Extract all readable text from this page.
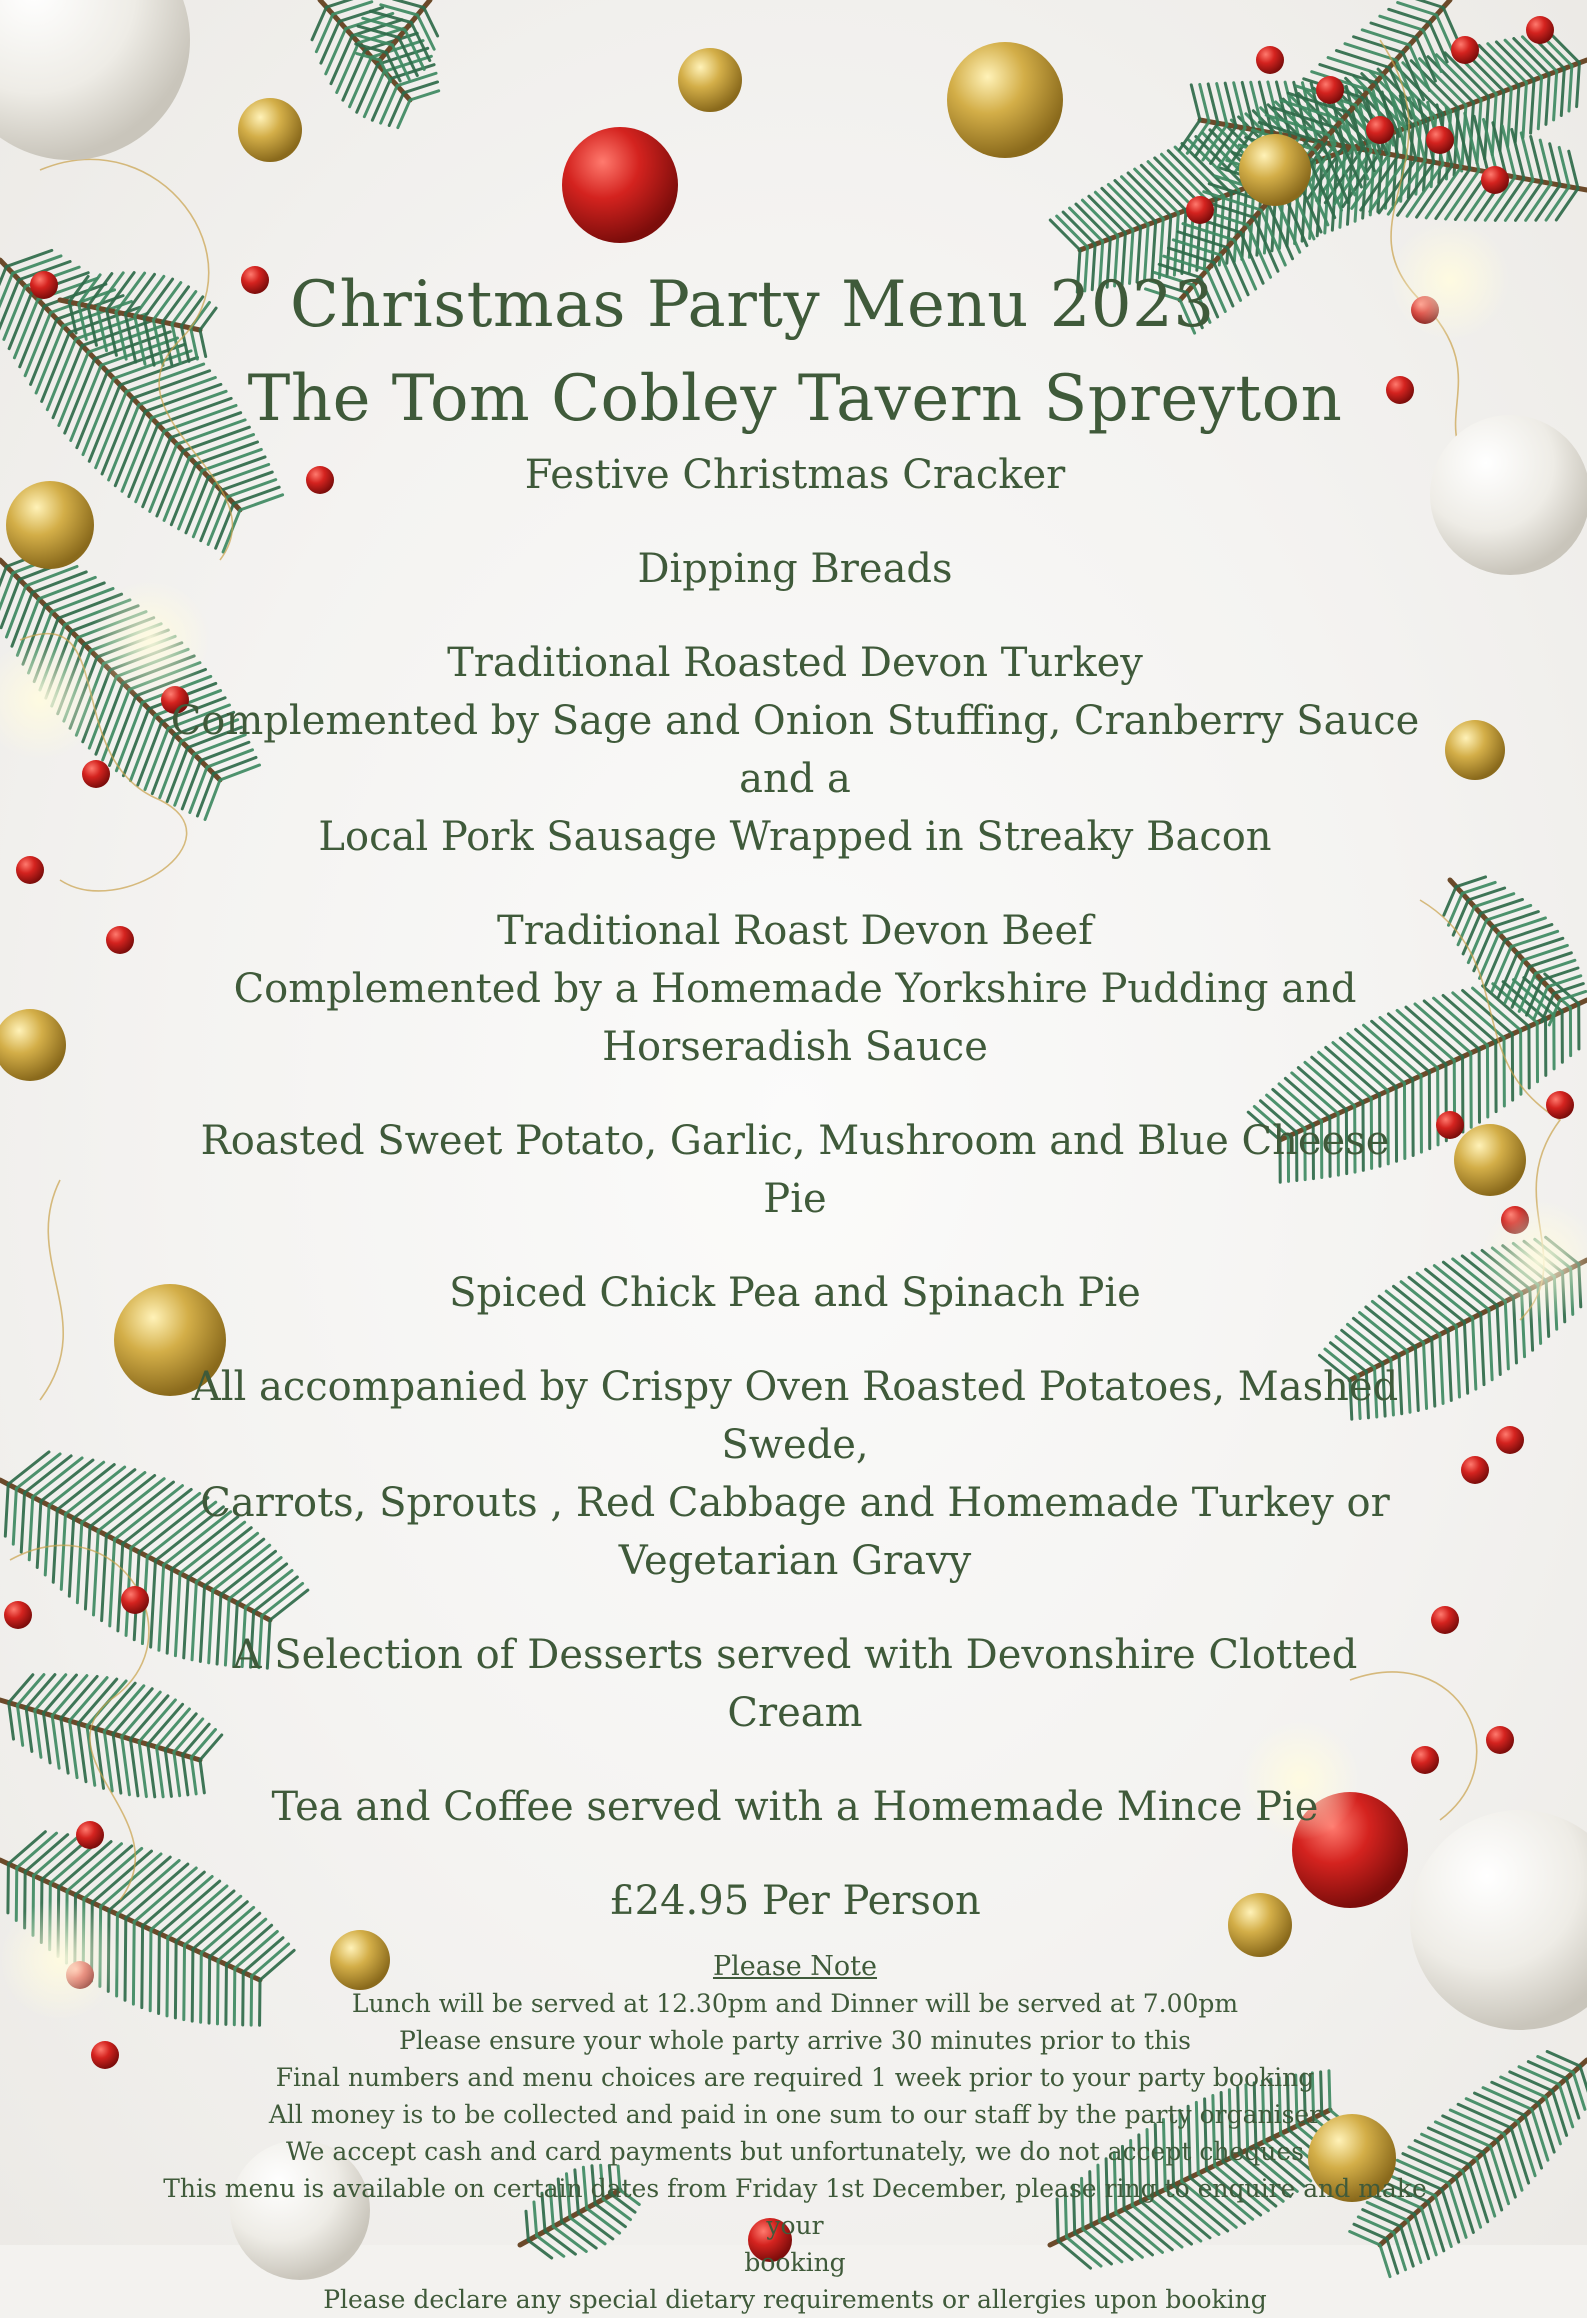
Christmas Party Menu 2023
The Tom Cobley Tavern Spreyton

Festive Christmas Cracker

Dipping Breads

Traditional Roasted Devon Turkey

Complemented by Sage and Onion Stuffing, Cranberry Sauce and a

Local Pork Sausage Wrapped in Streaky Bacon

Traditional Roast Devon Beef

Complemented by a Homemade Yorkshire Pudding and

Horseradish Sauce

Roasted Sweet Potato, Garlic, Mushroom and Blue Cheese

Pie

Spiced Chick Pea and Spinach Pie

All accompanied by Crispy Oven Roasted Potatoes, Mashed Swede,

Carrots, Sprouts , Red Cabbage and Homemade Turkey or

Vegetarian Gravy

A Selection of Desserts served with Devonshire Clotted Cream

Tea and Coffee served with a Homemade Mince Pie

£24.95 Per Person

Please Note

Lunch will be served at 12.30pm and Dinner will be served at 7.00pm

Please ensure your whole party arrive 30 minutes prior to this

Final numbers and menu choices are required 1 week prior to your party booking

All money is to be collected and paid in one sum to our staff by the party organiser

We accept cash and card payments but unfortunately, we do not accept cheques

This menu is available on certain dates from Friday 1st December, please ring to enquire and make your

booking

Please declare any special dietary requirements or allergies upon booking
